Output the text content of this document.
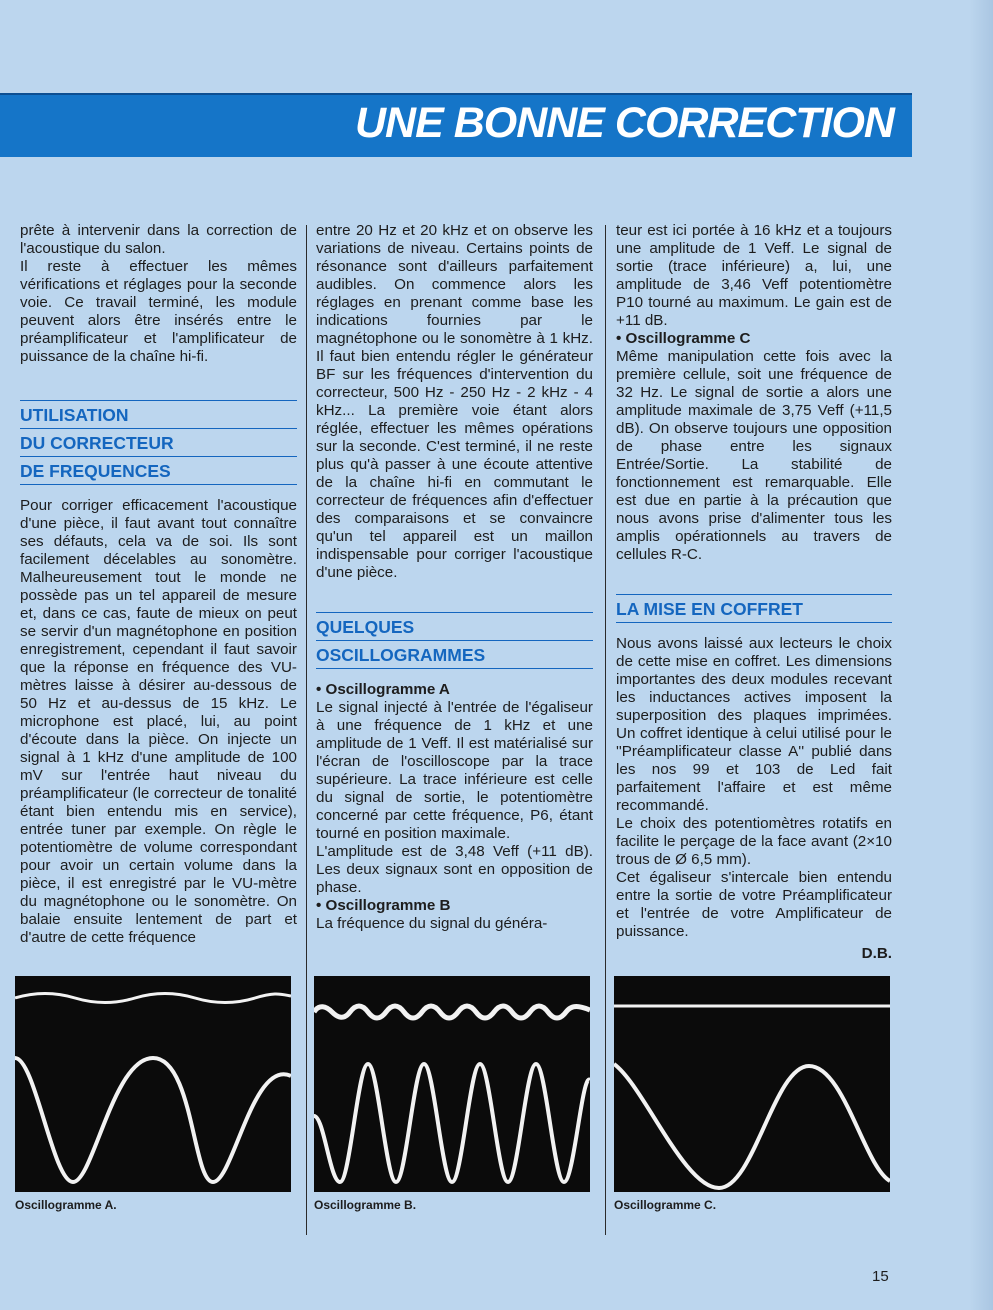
UNE BONNE CORRECTION

prête à intervenir dans la correction de l'acoustique du salon.

Il reste à effectuer les mêmes vérifications et réglages pour la seconde voie. Ce travail terminé, les module peuvent alors être insérés entre le préamplificateur et l'amplificateur de puissance de la chaîne hi-fi.

UTILISATION
DU CORRECTEUR
DE FREQUENCES

Pour corriger efficacement l'acoustique d'une pièce, il faut avant tout connaître ses défauts, cela va de soi. Ils sont facilement décelables au sonomètre. Malheureusement tout le monde ne possède pas un tel appareil de mesure et, dans ce cas, faute de mieux on peut se servir d'un magnétophone en position enregistrement, cependant il faut savoir que la réponse en fréquence des VU-mètres laisse à désirer au-dessous de 50 Hz et au-dessus de 15 kHz. Le microphone est placé, lui, au point d'écoute dans la pièce. On injecte un signal à 1 kHz d'une amplitude de 100 mV sur l'entrée haut niveau du préamplificateur (le correcteur de tonalité étant bien entendu mis en service), entrée tuner par exemple. On règle le potentiomètre de volume correspondant pour avoir un certain volume dans la pièce, il est enregistré par le VU-mètre du magnétophone ou le sonomètre. On balaie ensuite lentement de part et d'autre de cette fréquence

entre 20 Hz et 20 kHz et on observe les variations de niveau. Certains points de résonance sont d'ailleurs parfaitement audibles. On commence alors les réglages en prenant comme base les indications fournies par le magnétophone ou le sonomètre à 1 kHz. Il faut bien entendu régler le générateur BF sur les fréquences d'intervention du correcteur, 500 Hz - 250 Hz - 2 kHz - 4 kHz... La première voie étant alors réglée, effectuer les mêmes opérations sur la seconde. C'est terminé, il ne reste plus qu'à passer à une écoute attentive de la chaîne hi-fi en commutant le correcteur de fréquences afin d'effectuer des comparaisons et se convaincre qu'un tel appareil est un maillon indispensable pour corriger l'acoustique d'une pièce.

QUELQUES
OSCILLOGRAMMES

• Oscillogramme A

Le signal injecté à l'entrée de l'égaliseur à une fréquence de 1 kHz et une amplitude de 1 Veff. Il est matérialisé sur l'écran de l'oscilloscope par la trace supérieure. La trace inférieure est celle du signal de sortie, le potentiomètre concerné par cette fréquence, P6, étant tourné en position maximale.

L'amplitude est de 3,48 Veff (+11 dB). Les deux signaux sont en opposition de phase.

• Oscillogramme B

La fréquence du signal du généra-

teur est ici portée à 16 kHz et a toujours une amplitude de 1 Veff. Le signal de sortie (trace inférieure) a, lui, une amplitude de 3,46 Veff potentiomètre P10 tourné au maximum. Le gain est de +11 dB.

• Oscillogramme C

Même manipulation cette fois avec la première cellule, soit une fréquence de 32 Hz. Le signal de sortie a alors une amplitude maximale de 3,75 Veff (+11,5 dB). On observe toujours une opposition de phase entre les signaux Entrée/Sortie. La stabilité de fonctionnement est remarquable. Elle est due en partie à la précaution que nous avons prise d'alimenter tous les amplis opérationnels au travers de cellules R-C.

LA MISE EN COFFRET

Nous avons laissé aux lecteurs le choix de cette mise en coffret. Les dimensions importantes des deux modules recevant les inductances actives imposent la superposition des plaques imprimées. Un coffret identique à celui utilisé pour le ''Préamplificateur classe A'' publié dans les nos 99 et 103 de Led fait parfaitement l'affaire et est même recommandé.

Le choix des potentiomètres rotatifs en facilite le perçage de la face avant (2×10 trous de Ø 6,5 mm).

Cet égaliseur s'intercale bien entendu entre la sortie de votre Préamplificateur et l'entrée de votre Amplificateur de puissance.

D.B.

Oscillogramme A.	Oscillogramme B.	Oscillogramme C.
15
